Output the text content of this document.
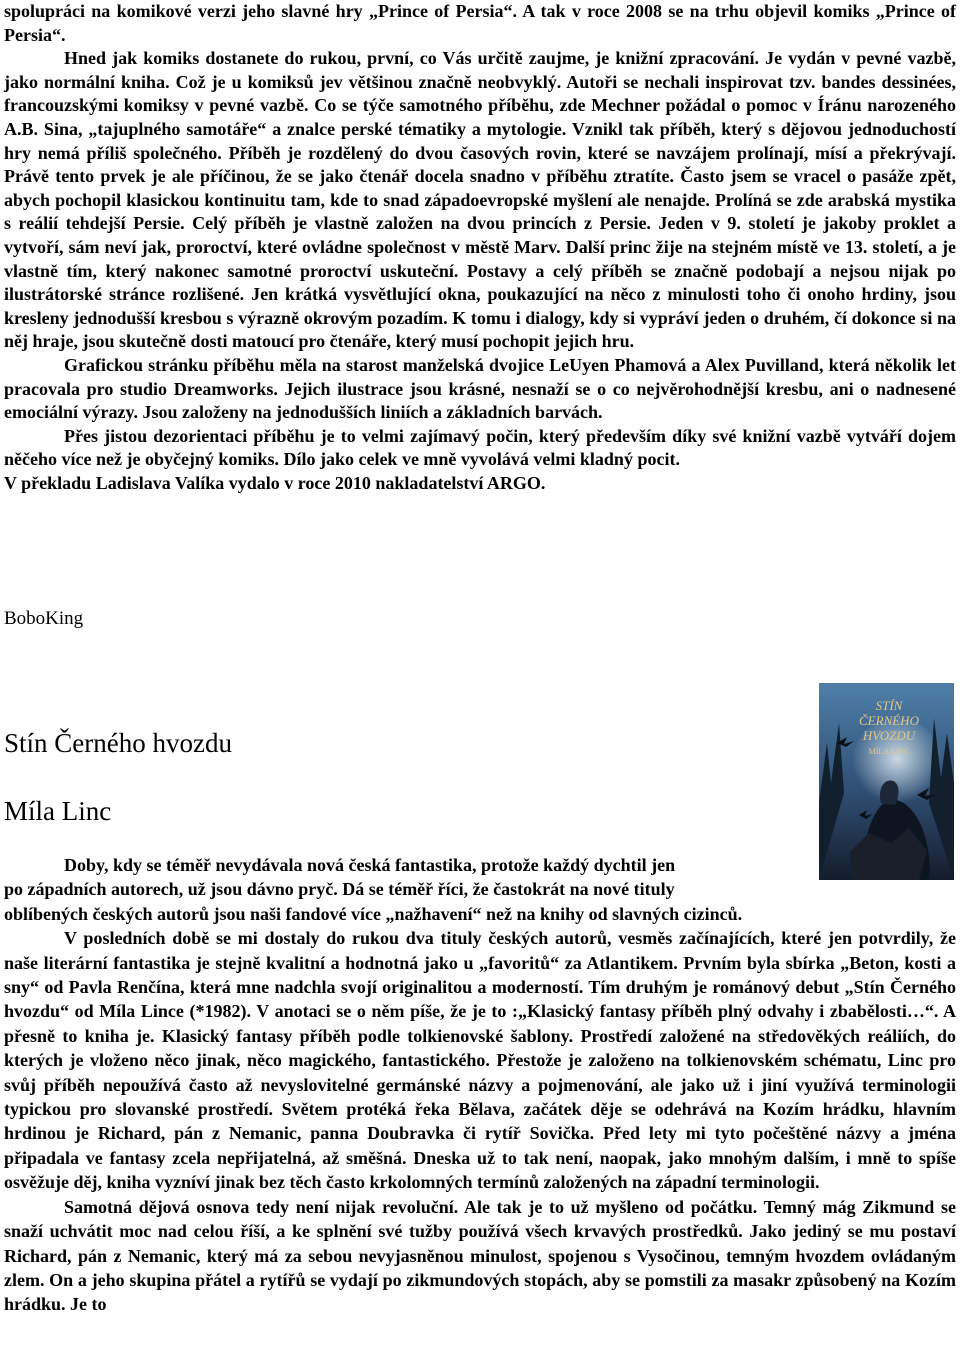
spolupráci na komikové verzi jeho slavné hry „Prince of Persia“. A tak v roce 2008 se na trhu objevil komiks „Prince of Persia“.

Hned jak komiks dostanete do rukou, první, co Vás určitě zaujme, je knižní zpracování. Je vydán v pevné vazbě, jako normální kniha. Což je u komiksů jev většinou značně neobvyklý. Autoři se nechali inspirovat tzv. bandes dessinées, francouzskými komiksy v pevné vazbě. Co se týče samotného příběhu, zde Mechner požádal o pomoc v Íránu narozeného A.B. Sina, „tajuplného samotáře“ a znalce perské tématiky a mytologie. Vznikl tak příběh, který s dějovou jednoduchostí hry nemá příliš společného. Příběh je rozdělený do dvou časových rovin, které se navzájem prolínají, mísí a překrývají. Právě tento prvek je ale příčinou, že se jako čtenář docela snadno v příběhu ztratíte. Často jsem se vracel o pasáže zpět, abych pochopil klasickou kontinuitu tam, kde to snad západoevropské myšlení ale nenajde. Prolíná se zde arabská mystika s reálií tehdejší Persie. Celý příběh je vlastně založen na dvou princích z Persie. Jeden v 9. století je jakoby proklet a vytvoří, sám neví jak, proroctví, které ovládne společnost v městě Marv. Další princ žije na stejném místě ve 13. století, a je vlastně tím, který nakonec samotné proroctví uskuteční. Postavy a celý příběh se značně podobají a nejsou nijak po ilustrátorské stránce rozlišené. Jen krátká vysvětlující okna, poukazující na něco z minulosti toho či onoho hrdiny, jsou kresleny jednodušší kresbou s výrazně okrovým pozadím. K tomu i dialogy, kdy si vypráví jeden o druhém, čí dokonce si na něj hraje, jsou skutečně dosti matoucí pro čtenáře, který musí pochopit jejich hru.

Grafickou stránku příběhu měla na starost manželská dvojice LeUyen Phamová a Alex Puvilland, která několik let pracovala pro studio Dreamworks. Jejich ilustrace jsou krásné, nesnaží se o co nejvěrohodnější kresbu, ani o nadnesené emociální výrazy. Jsou založeny na jednodušších liniích a základních barvách.

Přes jistou dezorientaci příběhu je to velmi zajímavý počin, který především díky své knižní vazbě vytváří dojem něčeho více než je obyčejný komiks. Dílo jako celek ve mně vyvolává velmi kladný pocit.

V překladu Ladislava Valíka vydalo v roce 2010 nakladatelství ARGO.

BoboKing

Stín Černého hvozdu
Míla Linc
STÍN
ČERNÉHO
HVOZDU
MÍLA LINC

Doby, kdy se téměř nevydávala nová česká fantastika, protože každý dychtil jen

po západních autorech, už jsou dávno pryč. Dá se téměř říci, že častokrát na nové tituly

oblíbených českých autorů jsou naši fandové více „nažhavení“ než na knihy od slavných cizinců.

V posledních době se mi dostaly do rukou dva tituly českých autorů, vesměs začínajících, které jen potvrdily, že naše literární fantastika je stejně kvalitní a hodnotná jako u „favoritů“ za Atlantikem. Prvním byla sbírka „Beton, kosti a sny“ od Pavla Renčína, která mne nadchla svojí originalitou a moderností. Tím druhým je románový debut „Stín Černého hvozdu“ od Míla Lince (*1982). V anotaci se o něm píše, že je to :„Klasický fantasy příběh plný odvahy i zbabělosti…“. A přesně to kniha je. Klasický fantasy příběh podle tolkienovské šablony. Prostředí založené na středověkých reáliích, do kterých je vloženo něco jinak, něco magického, fantastického. Přestože je založeno na tolkienovském schématu, Linc pro svůj příběh nepoužívá často až nevyslovitelné germánské názvy a pojmenování, ale jako už i jiní využívá terminologii typickou pro slovanské prostředí. Světem protéká řeka Bělava, začátek děje se odehrává na Kozím hrádku, hlavním hrdinou je Richard, pán z Nemanic, panna Doubravka či rytíř Sovička. Před lety mi tyto počeštěné názvy a jména připadala ve fantasy zcela nepřijatelná, až směšná. Dneska už to tak není, naopak, jako mnohým dalším, i mně to spíše osvěžuje děj, kniha vyzníví jinak bez těch často krkolomných termínů založených na západní terminologii.

Samotná dějová osnova tedy není nijak revoluční. Ale tak je to už myšleno od počátku. Temný mág Zikmund se snaží uchvátit moc nad celou říší, a ke splnění své tužby používá všech krvavých prostředků. Jako jediný se mu postaví Richard, pán z Nemanic, který má za sebou nevyjasněnou minulost, spojenou s Vysočinou, temným hvozdem ovládaným zlem. On a jeho skupina přátel a rytířů se vydají po zikmundových stopách, aby se pomstili za masakr způsobený na Kozím hrádku. Je to
